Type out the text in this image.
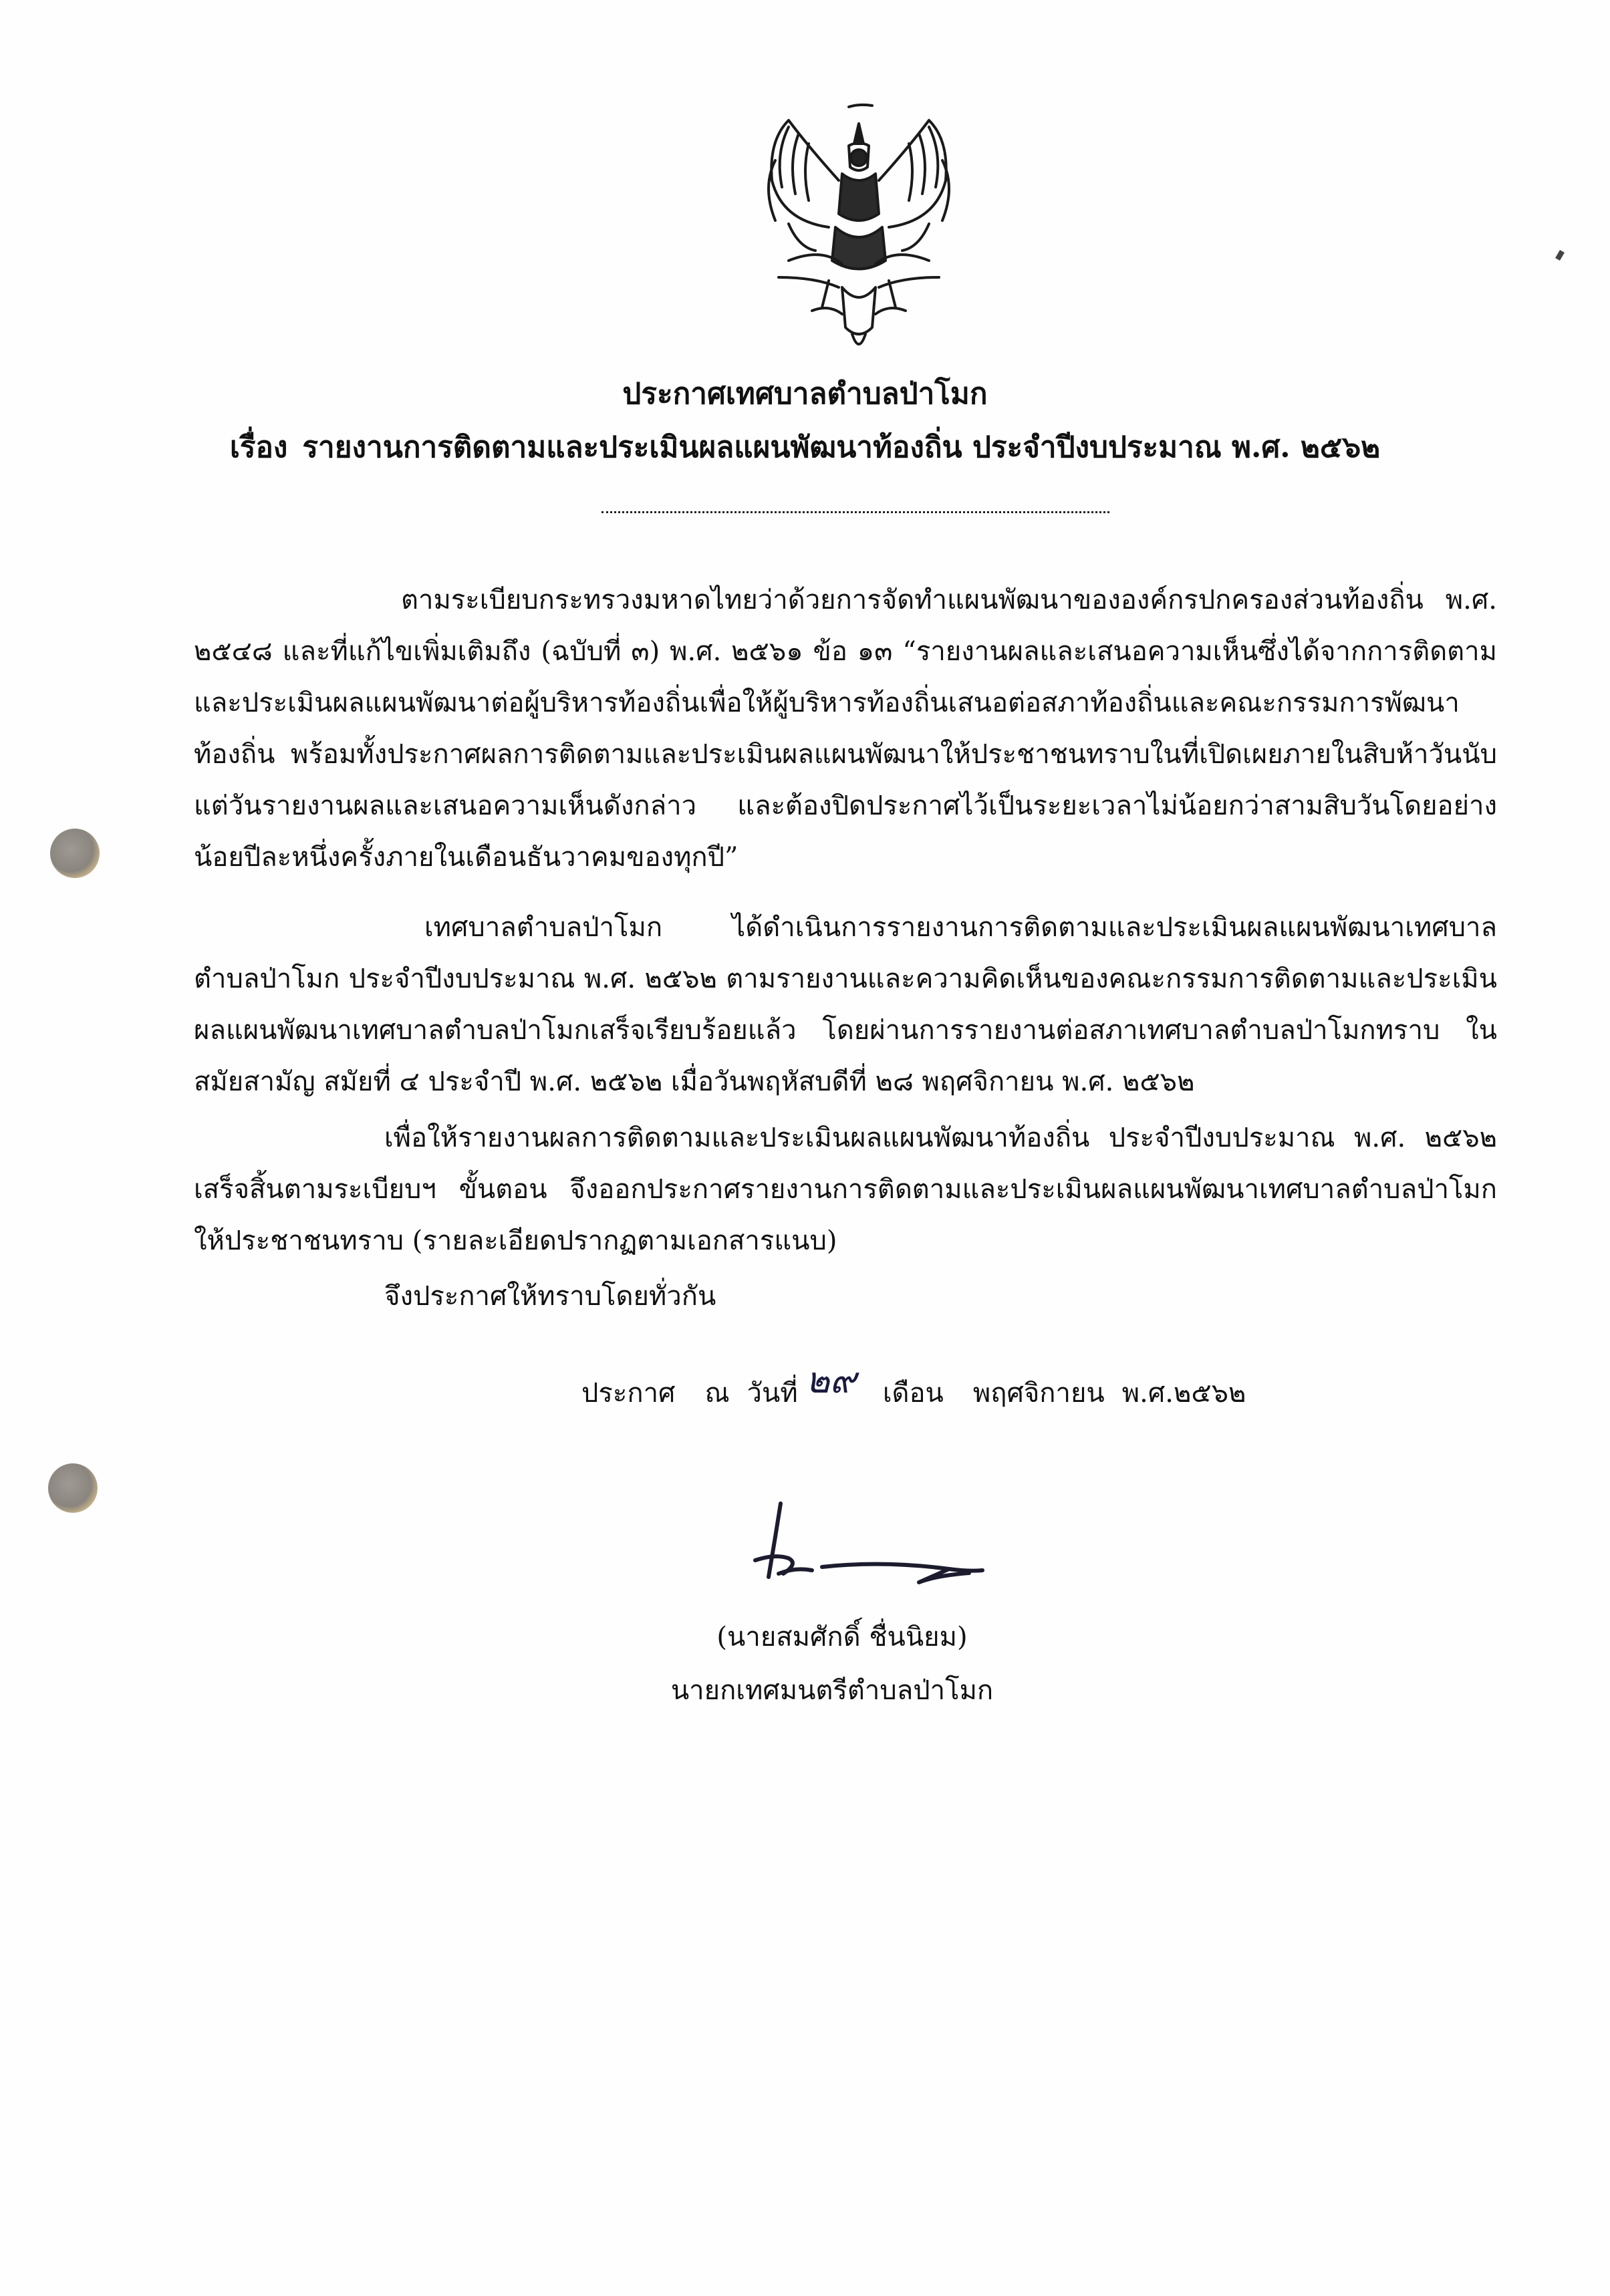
ประกาศเทศบาลตำบลป่าโมก
เรื่อง รายงานการติดตามและประเมินผลแผนพัฒนาท้องถิ่น ประจำปีงบประมาณ พ.ศ. ๒๕๖๒
ตามระเบียบกระทรวงมหาดไทยว่าด้วยการจัดทำแผนพัฒนาขององค์กรปกครองส่วนท้องถิ่น พ.ศ. ๒๕๔๘ และที่แก้ไขเพิ่มเติมถึง (ฉบับที่ ๓) พ.ศ. ๒๕๖๑ ข้อ ๑๓ “รายงานผลและเสนอความเห็นซึ่งได้จากการติดตามและประเมินผลแผนพัฒนาต่อผู้บริหารท้องถิ่นเพื่อให้ผู้บริหารท้องถิ่นเสนอต่อสภาท้องถิ่นและคณะกรรมการพัฒนาท้องถิ่น พร้อมทั้งประกาศผลการติดตามและประเมินผลแผนพัฒนาให้ประชาชนทราบในที่เปิดเผยภายในสิบห้าวันนับแต่วันรายงานผลและเสนอความเห็นดังกล่าว และต้องปิดประกาศไว้เป็นระยะเวลาไม่น้อยกว่าสามสิบวันโดยอย่างน้อยปีละหนึ่งครั้งภายในเดือนธันวาคมของทุกปี”
เทศบาลตำบลป่าโมก ได้ดำเนินการรายงานการติดตามและประเมินผลแผนพัฒนาเทศบาลตำบลป่าโมก ประจำปีงบประมาณ พ.ศ. ๒๕๖๒ ตามรายงานและความคิดเห็นของคณะกรรมการติดตามและประเมินผลแผนพัฒนาเทศบาลตำบลป่าโมกเสร็จเรียบร้อยแล้ว โดยผ่านการรายงานต่อสภาเทศบาลตำบลป่าโมกทราบ ในสมัยสามัญ สมัยที่ ๔ ประจำปี พ.ศ. ๒๕๖๒ เมื่อวันพฤหัสบดีที่ ๒๘ พฤศจิกายน พ.ศ. ๒๕๖๒
เพื่อให้รายงานผลการติดตามและประเมินผลแผนพัฒนาท้องถิ่น ประจำปีงบประมาณ พ.ศ. ๒๕๖๒ เสร็จสิ้นตามระเบียบฯ ขั้นตอน จึงออกประกาศรายงานการติดตามและประเมินผลแผนพัฒนาเทศบาลตำบลป่าโมกให้ประชาชนทราบ (รายละเอียดปรากฏตามเอกสารแนบ)
จึงประกาศให้ทราบโดยทั่วกัน
ประกาศ ณ วันที่ ๒๙ เดือน พฤศจิกายน พ.ศ.๒๕๖๒
(นายสมศักดิ์ ชื่นนิยม)
นายกเทศมนตรีตำบลป่าโมก
